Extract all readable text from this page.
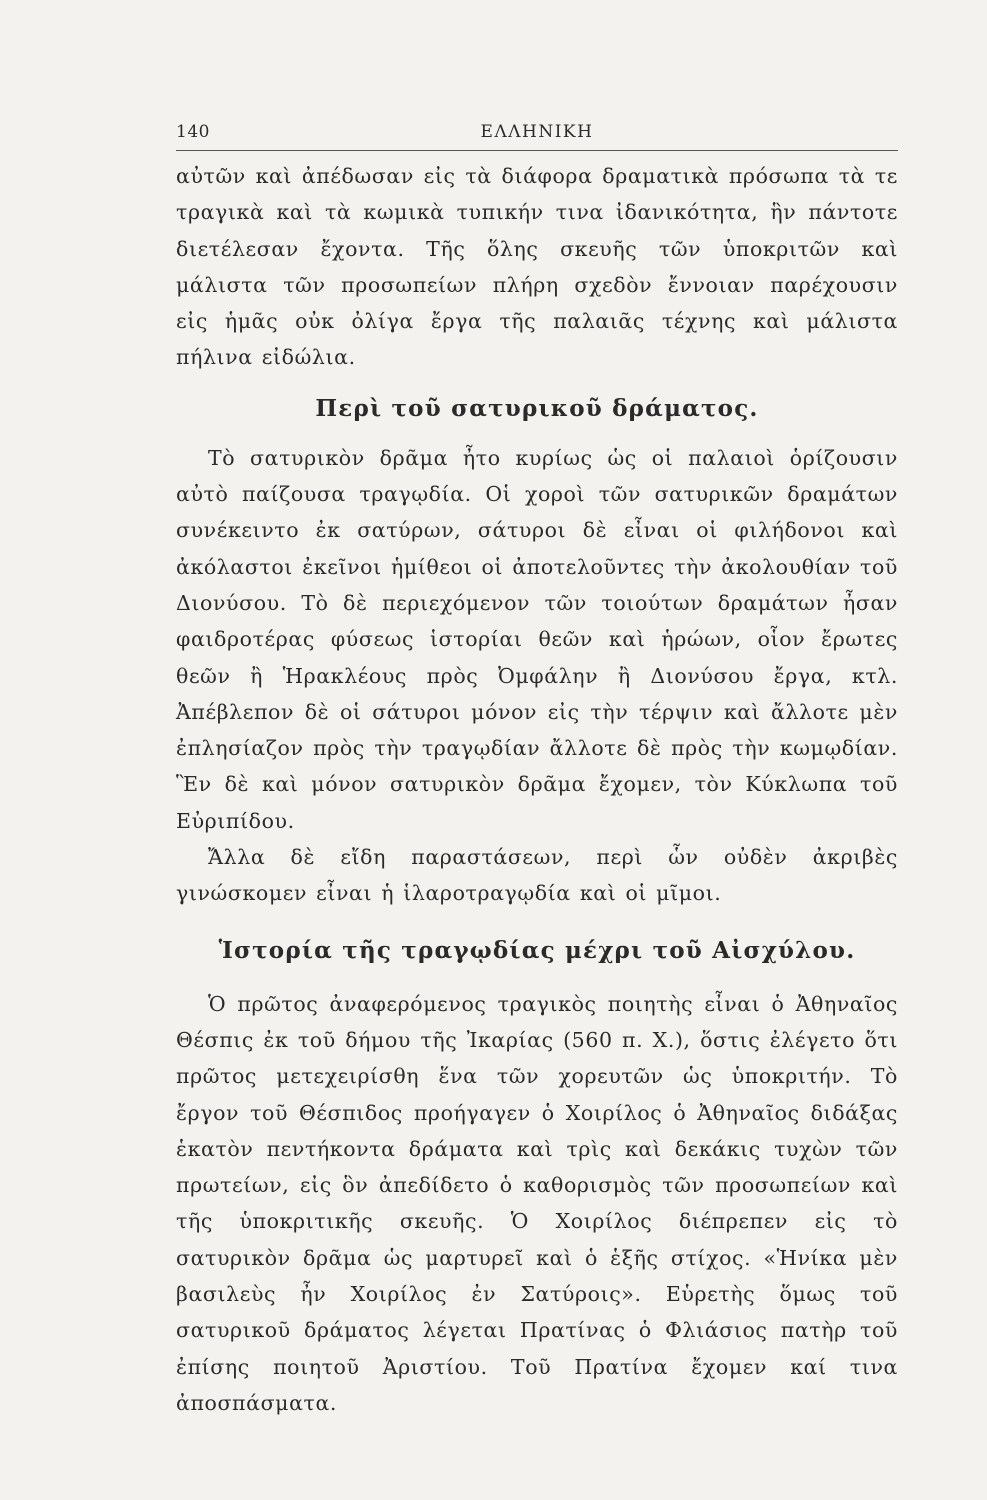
140	ΕΛΛΗΝΙΚΗ

αὐτῶν καὶ ἀπέδωσαν εἰς τὰ διάφορα δραματικὰ πρόσωπα τὰ τε τραγικὰ καὶ τὰ κωμικὰ τυπικήν τινα ἰδανικότητα, ἣν πάντοτε διετέλεσαν ἔχοντα. Τῆς ὅλης σκευῆς τῶν ὑποκριτῶν καὶ μάλιστα τῶν προσωπείων πλήρη σχεδὸν ἔννοιαν παρέχουσιν εἰς ἡμᾶς οὐκ ὀλίγα ἔργα τῆς παλαιᾶς τέχνης καὶ μάλιστα πήλινα εἰδώλια.

Περὶ τοῦ σατυρικοῦ δράματος.

Τὸ σατυρικὸν δρᾶμα ἦτο κυρίως ὡς οἱ παλαιοὶ ὁρίζουσιν αὐτὸ παίζουσα τραγῳδία. Οἱ χοροὶ τῶν σατυρικῶν δραμάτων συνέκειντο ἐκ σατύρων, σάτυροι δὲ εἶναι οἱ φιλήδονοι καὶ ἀκόλαστοι ἐκεῖνοι ἡμίθεοι οἱ ἀποτελοῦντες τὴν ἀκολουθίαν τοῦ Διονύσου. Τὸ δὲ περιεχόμενον τῶν τοιούτων δραμάτων ἦσαν φαιδροτέρας φύσεως ἱστορίαι θεῶν καὶ ἡρώων, οἷον ἔρωτες θεῶν ἢ Ἡρακλέους πρὸς Ὀμφάλην ἢ Διονύσου ἔργα, κτλ. Ἀπέβλεπον δὲ οἱ σάτυροι μόνον εἰς τὴν τέρψιν καὶ ἄλλοτε μὲν ἐπλησίαζον πρὸς τὴν τραγῳδίαν ἄλλοτε δὲ πρὸς τὴν κωμῳδίαν. Ἓν δὲ καὶ μόνον σατυρικὸν δρᾶμα ἔχομεν, τὸν Κύκλωπα τοῦ Εὐριπίδου.

Ἄλλα δὲ εἴδη παραστάσεων, περὶ ὧν οὐδὲν ἀκριβὲς γινώσκομεν εἶναι ἡ ἱλαροτραγῳδία καὶ οἱ μῖμοι.

Ἱστορία τῆς τραγῳδίας μέχρι τοῦ Αἰσχύλου.

Ὁ πρῶτος ἀναφερόμενος τραγικὸς ποιητὴς εἶναι ὁ Ἀθηναῖος Θέσπις ἐκ τοῦ δήμου τῆς Ἰκαρίας (560 π. Χ.), ὅστις ἐλέγετο ὅτι πρῶτος μετεχειρίσθη ἕνα τῶν χορευτῶν ὡς ὑποκριτήν. Τὸ ἔργον τοῦ Θέσπιδος προήγαγεν ὁ Χοιρίλος ὁ Ἀθηναῖος διδάξας ἑκατὸν πεντήκοντα δράματα καὶ τρὶς καὶ δεκάκις τυχὼν τῶν πρωτείων, εἰς ὃν ἀπεδίδετο ὁ καθορισμὸς τῶν προσωπείων καὶ τῆς ὑποκριτικῆς σκευῆς. Ὁ Χοιρίλος διέπρεπεν εἰς τὸ σατυρικὸν δρᾶμα ὡς μαρτυρεῖ καὶ ὁ ἑξῆς στίχος. «Ἡνίκα μὲν βασιλεὺς ἦν Χοιρίλος ἐν Σατύροις». Εὑρετὴς ὅμως τοῦ σατυρικοῦ δράματος λέγεται Πρατίνας ὁ Φλιάσιος πατὴρ τοῦ ἐπίσης ποιητοῦ Ἀριστίου. Τοῦ Πρατίνα ἔχομεν καί τινα ἀποσπάσματα.
